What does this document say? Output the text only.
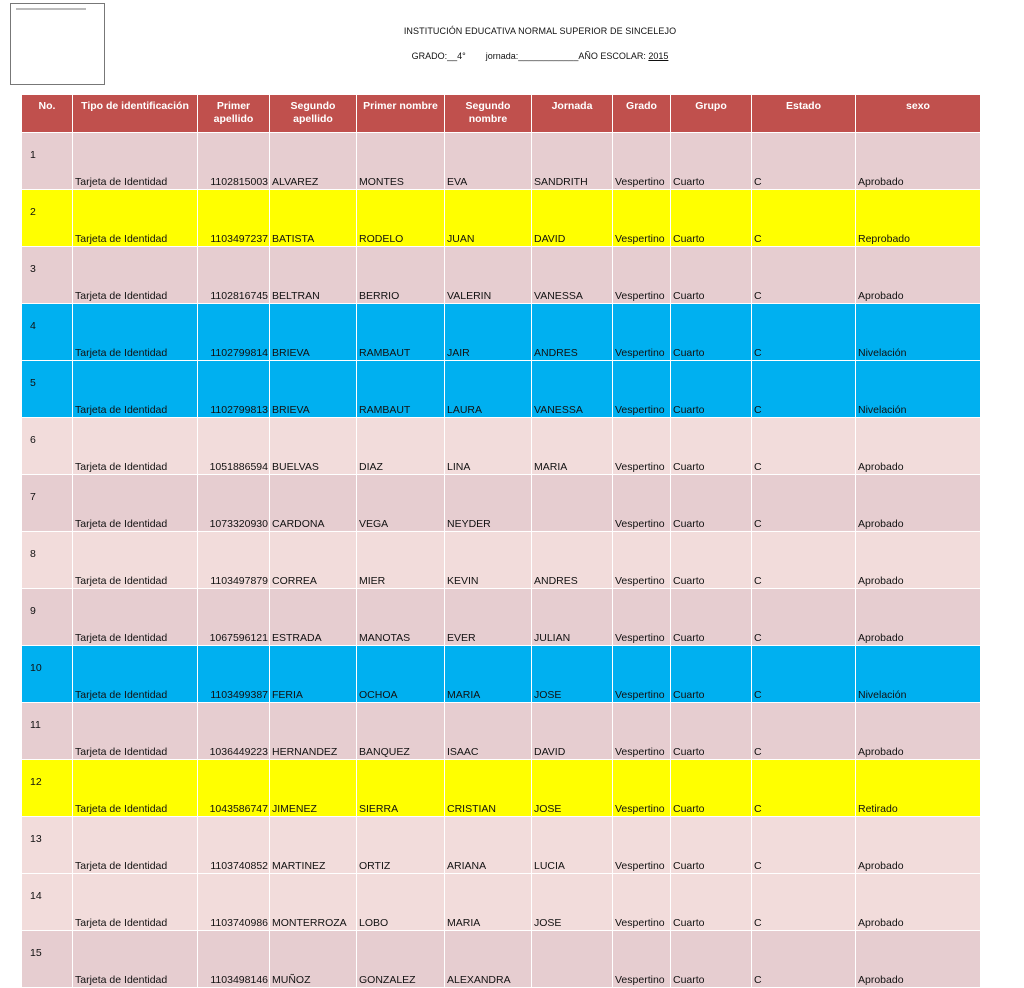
INSTITUCIÓN EDUCATIVA NORMAL SUPERIOR DE SINCELEJO
GRADO:__4° jornada:____________AÑO ESCOLAR: 2015
No.	Tipo de identificación	Primer apellido	Segundo apellido	Primer nombre	Segundo nombre	Jornada	Grado	Grupo	Estado	sexo
1	Tarjeta de Identidad	1102815003	ALVAREZ	MONTES	EVA	SANDRITH	Vespertino	Cuarto	C	Aprobado
2	Tarjeta de Identidad	1103497237	BATISTA	RODELO	JUAN	DAVID	Vespertino	Cuarto	C	Reprobado
3	Tarjeta de Identidad	1102816745	BELTRAN	BERRIO	VALERIN	VANESSA	Vespertino	Cuarto	C	Aprobado
4	Tarjeta de Identidad	1102799814	BRIEVA	RAMBAUT	JAIR	ANDRES	Vespertino	Cuarto	C	Nivelación
5	Tarjeta de Identidad	1102799813	BRIEVA	RAMBAUT	LAURA	VANESSA	Vespertino	Cuarto	C	Nivelación
6	Tarjeta de Identidad	1051886594	BUELVAS	DIAZ	LINA	MARIA	Vespertino	Cuarto	C	Aprobado
7	Tarjeta de Identidad	1073320930	CARDONA	VEGA	NEYDER		Vespertino	Cuarto	C	Aprobado
8	Tarjeta de Identidad	1103497879	CORREA	MIER	KEVIN	ANDRES	Vespertino	Cuarto	C	Aprobado
9	Tarjeta de Identidad	1067596121	ESTRADA	MANOTAS	EVER	JULIAN	Vespertino	Cuarto	C	Aprobado
10	Tarjeta de Identidad	1103499387	FERIA	OCHOA	MARIA	JOSE	Vespertino	Cuarto	C	Nivelación
11	Tarjeta de Identidad	1036449223	HERNANDEZ	BANQUEZ	ISAAC	DAVID	Vespertino	Cuarto	C	Aprobado
12	Tarjeta de Identidad	1043586747	JIMENEZ	SIERRA	CRISTIAN	JOSE	Vespertino	Cuarto	C	Retirado
13	Tarjeta de Identidad	1103740852	MARTINEZ	ORTIZ	ARIANA	LUCIA	Vespertino	Cuarto	C	Aprobado
14	Tarjeta de Identidad	1103740986	MONTERROZA	LOBO	MARIA	JOSE	Vespertino	Cuarto	C	Aprobado
15	Tarjeta de Identidad	1103498146	MUÑOZ	GONZALEZ	ALEXANDRA		Vespertino	Cuarto	C	Aprobado
